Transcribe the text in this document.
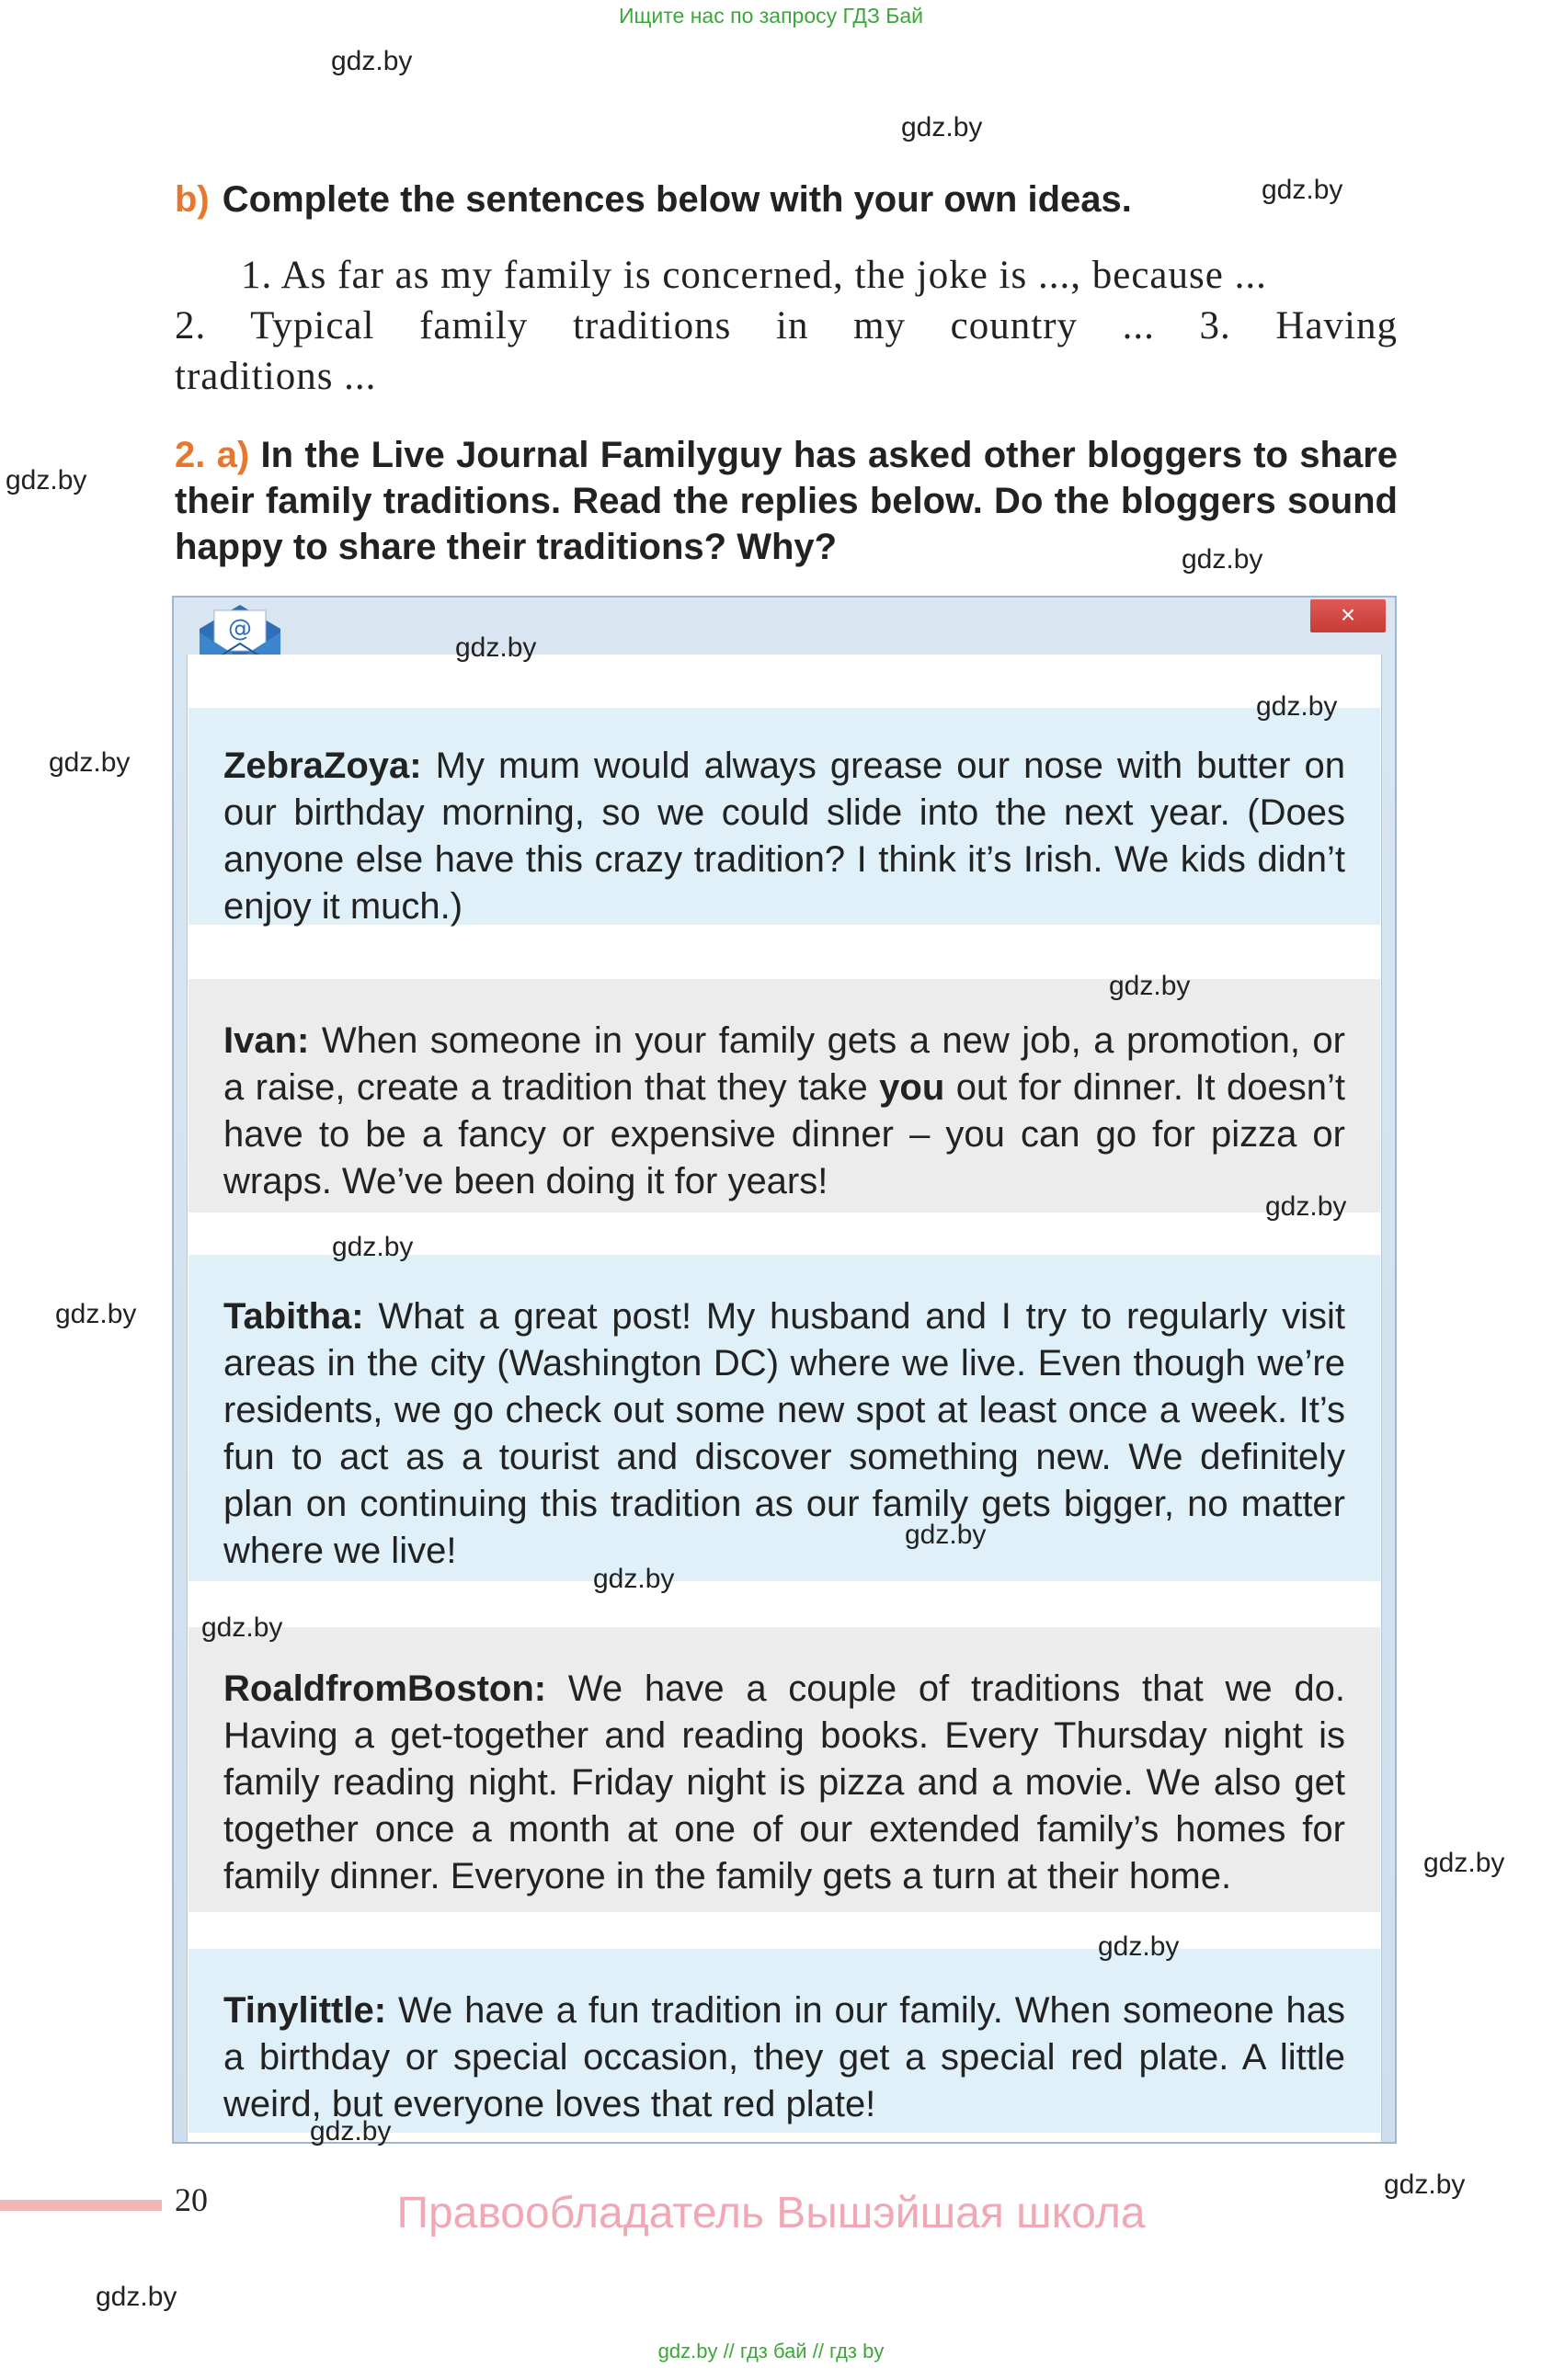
Ищите нас по запросу ГДЗ Бай
gdz.by
gdz.by
gdz.by
gdz.by
gdz.by
gdz.by
gdz.by
gdz.by
gdz.by
gdz.by
b) Complete the sentences below with your own ideas.
1. As far as my family is concerned, the joke is ..., because ...
2. Typical family traditions in my country ... 3. Having
traditions ...
2. a) In the Live Journal Familyguy has asked other bloggers to share their family traditions. Read the replies below. Do the bloggers sound happy to share their traditions? Why?
@	×
gdz.by
ZebraZoya: My mum would always grease our nose with butter on our birthday morning, so we could slide into the next year. (Does anyone else have this crazy tradition? I think it’s Irish. We kids didn’t enjoy it much.)
gdz.by
Ivan: When someone in your family gets a new job, a promotion, or a raise, create a tradition that they take you out for dinner. It doesn’t have to be a fancy or expensive dinner – you can go for pizza or wraps. We’ve been doing it for years!
gdz.by
gdz.by
Tabitha: What a great post! My husband and I try to regularly visit areas in the city (Washington DC) where we live. Even though we’re residents, we go check out some new spot at least once a week. It’s fun to act as a tourist and discover something new. We definitely plan on continuing this tradition as our family gets bigger, no matter where we live!
gdz.by
gdz.by
gdz.by
RoaldfromBoston: We have a couple of traditions that we do. Having a get-together and reading books. Every Thursday night is family reading night. Friday night is pizza and a movie. We also get together once a month at one of our extended family’s homes for family dinner. Everyone in the family gets a turn at their home.
gdz.by
Tinylittle: We have a fun tradition in our family. When someone has a birthday or special occasion, they get a special red plate. A little weird, but everyone loves that red plate!
gdz.by
gdz.by
20	Правообладатель Вышэйшая школа
gdz.by // гдз бай // гдз by
